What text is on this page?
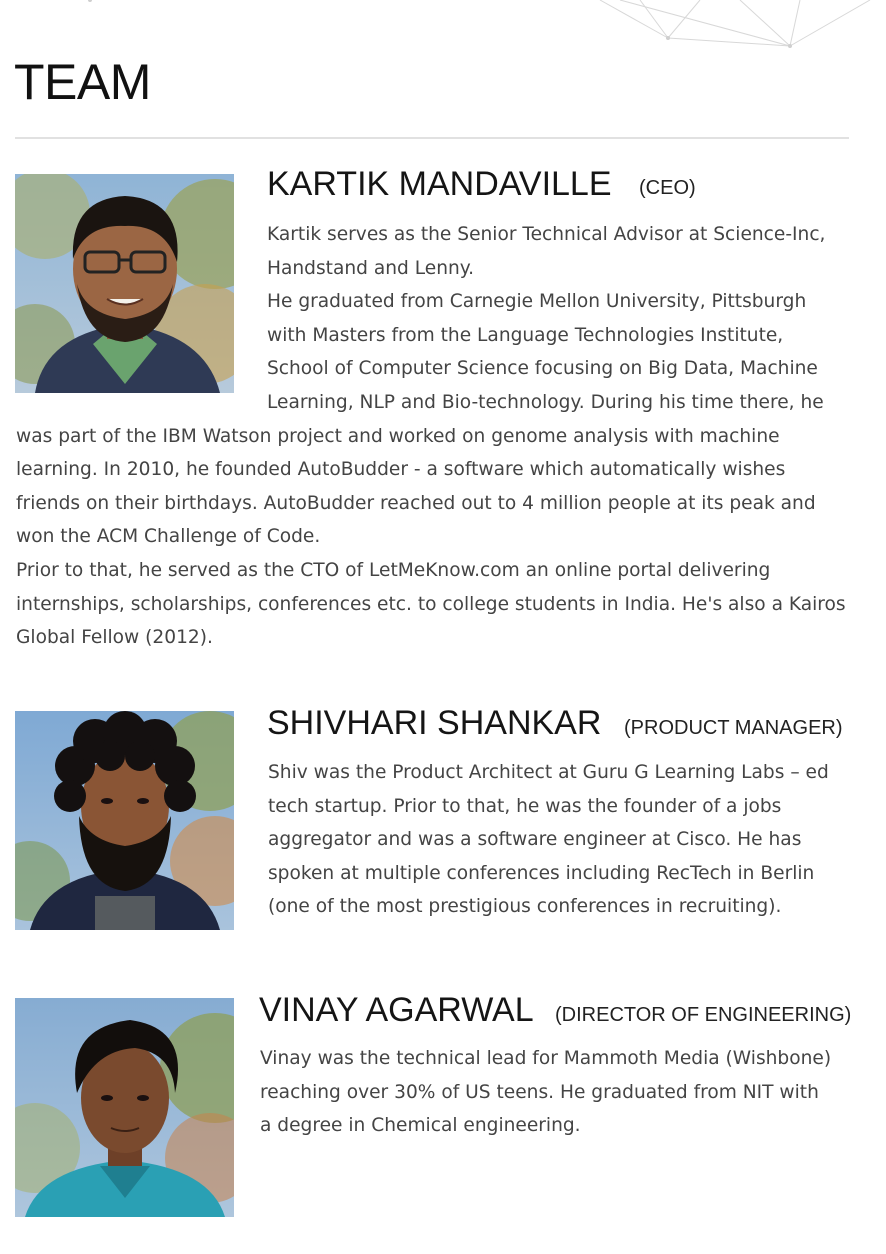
TEAM
KARTIK MANDAVILLE (CEO)
Kartik serves as the Senior Technical Advisor at Science-Inc,
Handstand and Lenny.
He graduated from Carnegie Mellon University, Pittsburgh
with Masters from the Language Technologies Institute,
School of Computer Science focusing on Big Data, Machine
Learning, NLP and Bio-technology. During his time there, he
was part of the IBM Watson project and worked on genome analysis with machine
learning. In 2010, he founded AutoBudder - a software which automatically wishes
friends on their birthdays. AutoBudder reached out to 4 million people at its peak and
won the ACM Challenge of Code.
Prior to that, he served as the CTO of LetMeKnow.com an online portal delivering
internships, scholarships, conferences etc. to college students in India. He's also a Kairos
Global Fellow (2012).
SHIVHARI SHANKAR (PRODUCT MANAGER)
Shiv was the Product Architect at Guru G Learning Labs – ed
tech startup. Prior to that, he was the founder of a jobs
aggregator and was a software engineer at Cisco. He has
spoken at multiple conferences including RecTech in Berlin
(one of the most prestigious conferences in recruiting).
VINAY AGARWAL (DIRECTOR OF ENGINEERING)
Vinay was the technical lead for Mammoth Media (Wishbone)
reaching over 30% of US teens. He graduated from NIT with
a degree in Chemical engineering.
